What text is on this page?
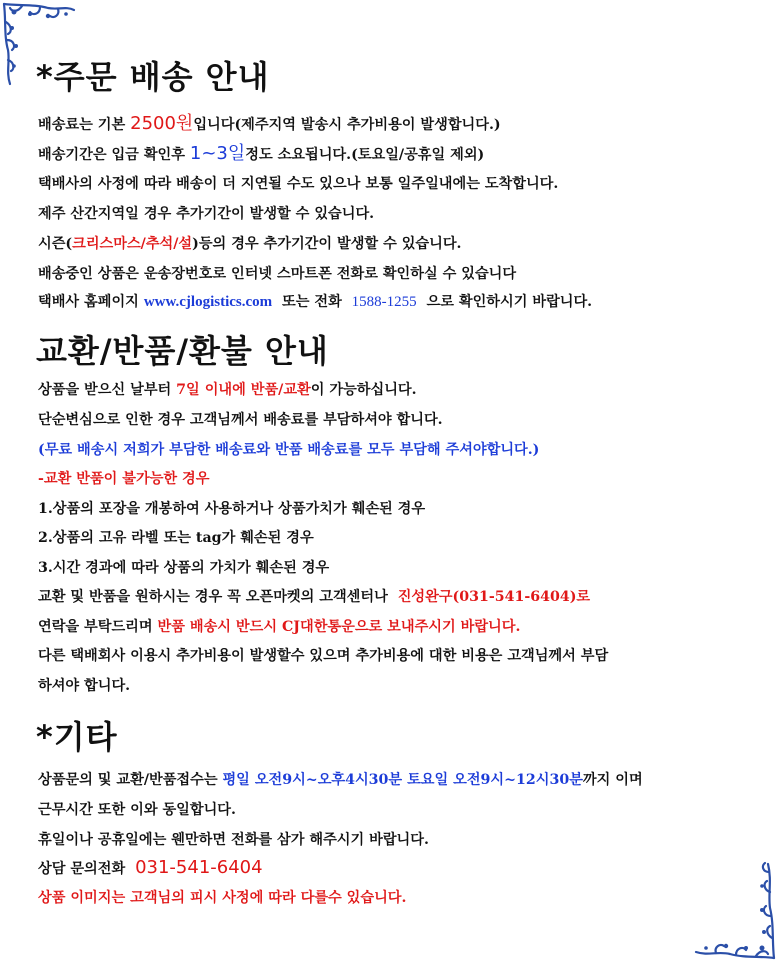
*주문 배송 안내
배송료는 기본 2500원입니다(제주지역 발송시 추가비용이 발생합니다.)
배송기간은 입금 확인후 1~3일정도 소요됩니다.(토요일/공휴일 제외)
택배사의 사정에 따라 배송이 더 지연될 수도 있으나 보통 일주일내에는 도착합니다.
제주 산간지역일 경우 추가기간이 발생할 수 있습니다.
시즌(크리스마스/추석/설)등의 경우 추가기간이 발생할 수 있습니다.
배송중인 상품은 운송장번호로 인터넷 스마트폰 전화로 확인하실 수 있습니다
택배사 홈페이지 www.cjlogistics.com  또는 전화  1588-1255  으로 확인하시기 바랍니다.
교환/반품/환불 안내
상품을 받으신 날부터 7일 이내에 반품/교환이 가능하십니다.
단순변심으로 인한 경우 고객님께서 배송료를 부담하셔야 합니다.
(무료 배송시 저희가 부담한 배송료와 반품 배송료를 모두 부담해 주셔야합니다.)
-교환 반품이 불가능한 경우
1.상품의 포장을 개봉하여 사용하거나 상품가치가 훼손된 경우
2.상품의 고유 라벨 또는 tag가 훼손된 경우
3.시간 경과에 따라 상품의 가치가 훼손된 경우
교환 및 반품을 원하시는 경우 꼭 오픈마켓의 고객센터나  진성완구(031-541-6404)로
연락을 부탁드리며 반품 배송시 반드시 CJ대한통운으로 보내주시기 바랍니다.
다른 택배회사 이용시 추가비용이 발생할수 있으며 추가비용에 대한 비용은 고객님께서 부담
하셔야 합니다.
*기타
상품문의 및 교환/반품접수는 평일 오전9시~오후4시30분 토요일 오전9시~12시30분까지 이며
근무시간 또한 이와 동일합니다.
휴일이나 공휴일에는 웬만하면 전화를 삼가 해주시기 바랍니다.
상담 문의전화  031-541-6404
상품 이미지는 고객님의 피시 사정에 따라 다를수 있습니다.
